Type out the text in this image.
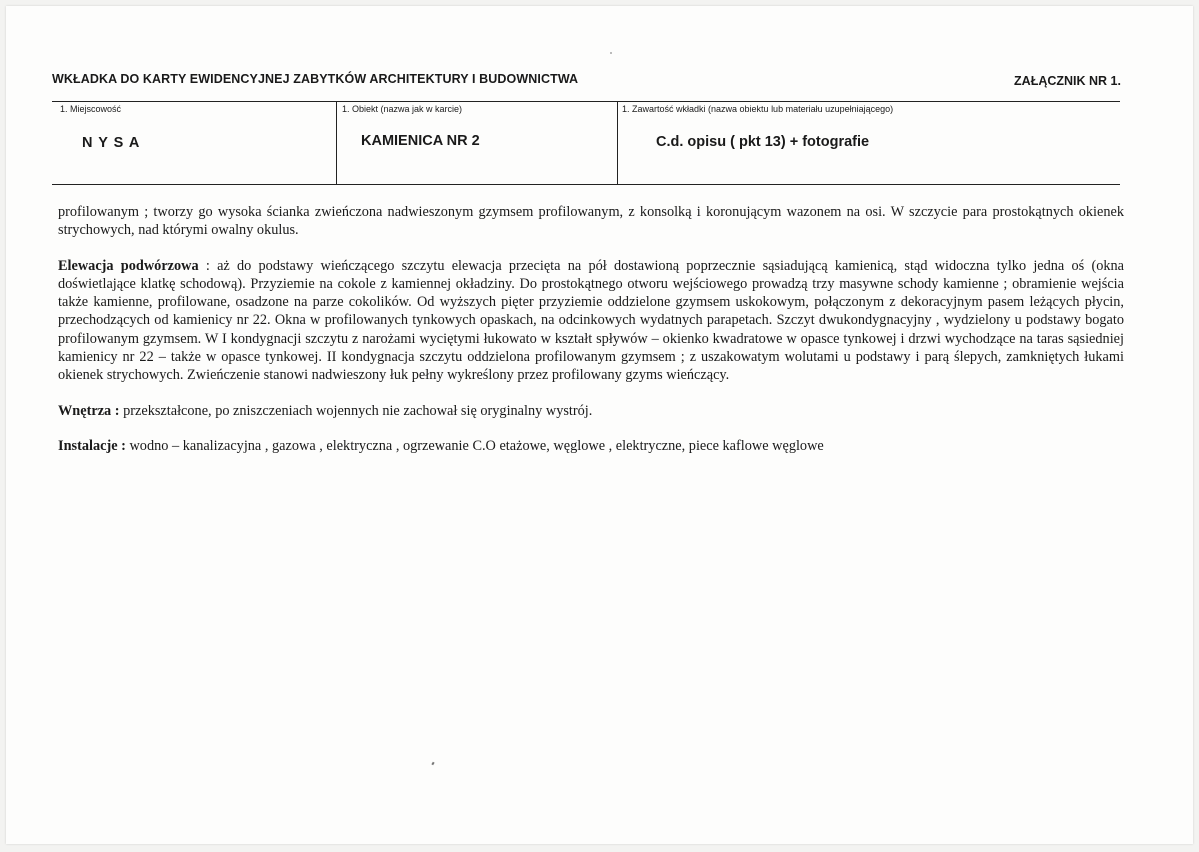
WKŁADKA DO KARTY EWIDENCYJNEJ ZABYTKÓW ARCHITEKTURY I BUDOWNICTWA	ZAŁĄCZNIK NR 1.
1. Miejscowość
N Y S A
1. Obiekt (nazwa jak w karcie)
KAMIENICA NR 2
1. Zawartość wkładki (nazwa obiektu lub materiału uzupełniającego)
C.d. opisu ( pkt 13) + fotografie

profilowanym ; tworzy go wysoka ścianka zwieńczona nadwieszonym gzymsem profilowanym, z konsolką i koronującym wazonem na osi. W szczycie para prostokątnych okienek strychowych, nad którymi owalny okulus.

Elewacja podwórzowa : aż do podstawy wieńczącego szczytu elewacja przecięta na pół dostawioną poprzecznie sąsiadującą kamienicą, stąd widoczna tylko jedna oś (okna doświetlające klatkę schodową). Przyziemie na cokole z kamiennej okładziny. Do prostokątnego otworu wejściowego prowadzą trzy masywne schody kamienne ; obramienie wejścia także kamienne, profilowane, osadzone na parze cokolików. Od wyższych pięter przyziemie oddzielone gzymsem uskokowym, połączonym z dekoracyjnym pasem leżących płycin, przechodzących od kamienicy nr 22. Okna w profilowanych tynkowych opaskach, na odcinkowych wydatnych parapetach. Szczyt dwukondygnacyjny , wydzielony u podstawy bogato profilowanym gzymsem. W I kondygnacji szczytu z narożami wyciętymi łukowato w kształt spływów – okienko kwadratowe w opasce tynkowej i drzwi wychodzące na taras sąsiedniej kamienicy nr 22 – także w opasce tynkowej. II kondygnacja szczytu oddzielona profilowanym gzymsem ; z uszakowatym wolutami u podstawy i parą ślepych, zamkniętych łukami okienek strychowych. Zwieńczenie stanowi nadwieszony łuk pełny wykreślony przez profilowany gzyms wieńczący.

Wnętrza : przekształcone, po zniszczeniach wojennych nie zachował się oryginalny wystrój.

Instalacje : wodno – kanalizacyjna , gazowa , elektryczna , ogrzewanie C.O etażowe, węglowe , elektryczne, piece kaflowe węglowe
